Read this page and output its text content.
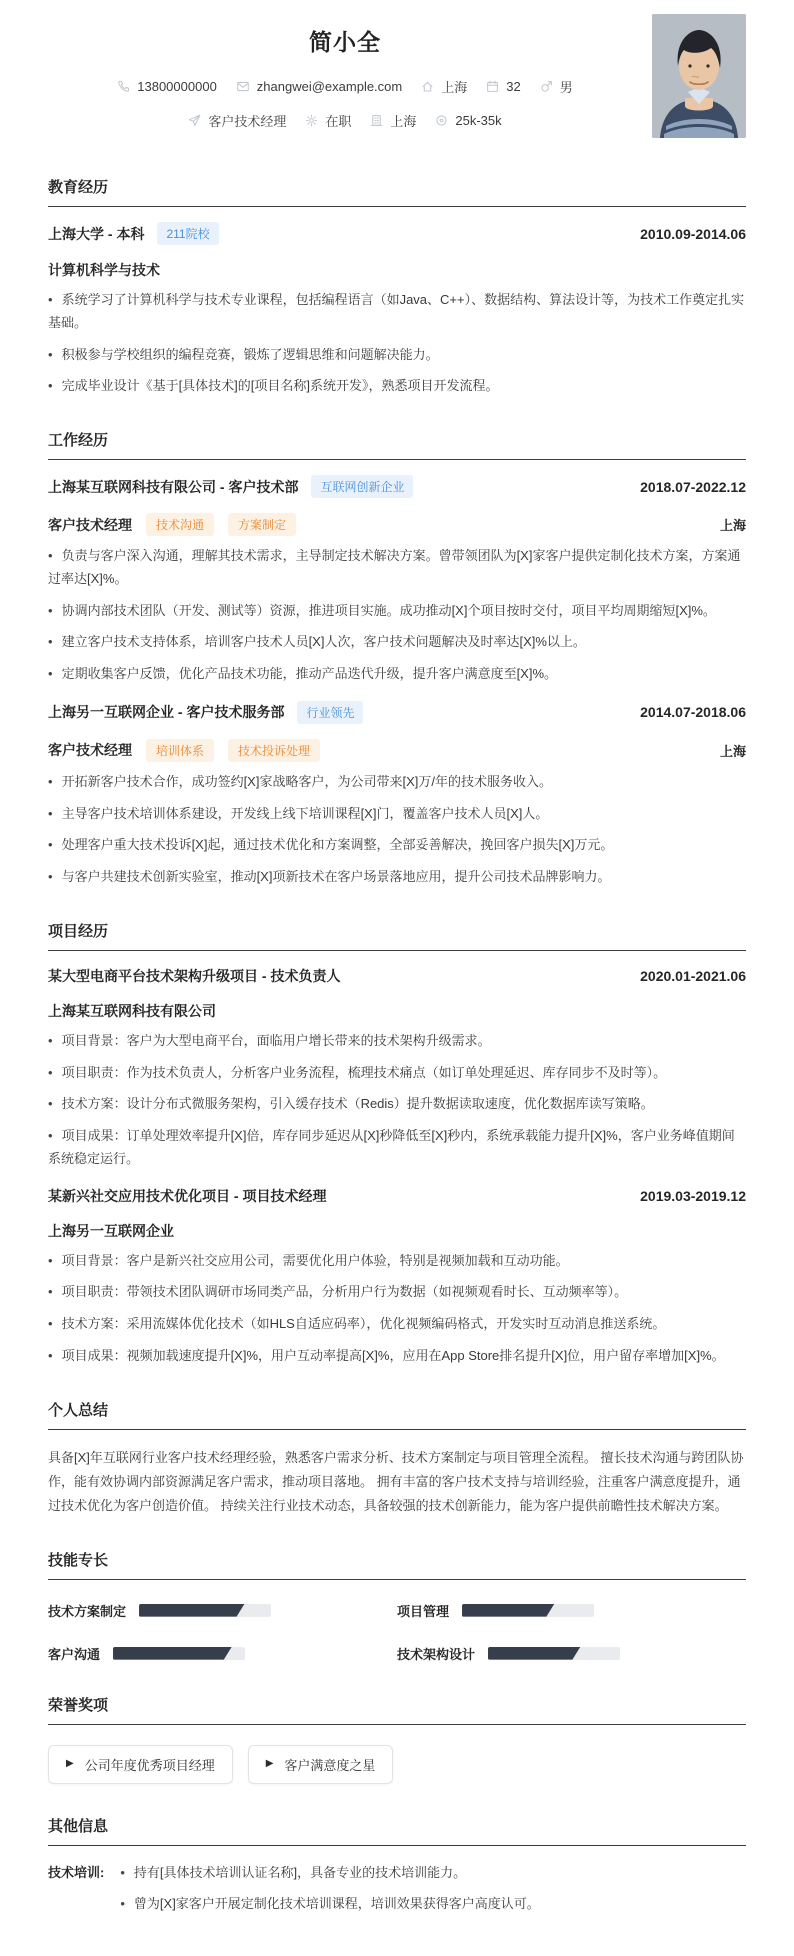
简小全
13800000000	zhangwei@example.com	上海	32	男
客户技术经理	在职	上海	25k-35k
教育经历
上海大学 - 本科	211院校	2010.09-2014.06
计算机科学与技术
• 系统学习了计算机科学与技术专业课程，包括编程语言（如Java、C++）、数据结构、算法设计等，为技术工作奠定扎实基础。
• 积极参与学校组织的编程竞赛，锻炼了逻辑思维和问题解决能力。
• 完成毕业设计《基于[具体技术]的[项目名称]系统开发》，熟悉项目开发流程。
工作经历
上海某互联网科技有限公司 - 客户技术部	互联网创新企业	2018.07-2022.12
客户技术经理	技术沟通	方案制定	上海
• 负责与客户深入沟通，理解其技术需求，主导制定技术解决方案。曾带领团队为[X]家客户提供定制化技术方案，方案通过率达[X]%。
• 协调内部技术团队（开发、测试等）资源，推进项目实施。成功推动[X]个项目按时交付，项目平均周期缩短[X]%。
• 建立客户技术支持体系，培训客户技术人员[X]人次，客户技术问题解决及时率达[X]%以上。
• 定期收集客户反馈，优化产品技术功能，推动产品迭代升级，提升客户满意度至[X]%。
上海另一互联网企业 - 客户技术服务部	行业领先	2014.07-2018.06
客户技术经理	培训体系	技术投诉处理	上海
• 开拓新客户技术合作，成功签约[X]家战略客户，为公司带来[X]万/年的技术服务收入。
• 主导客户技术培训体系建设，开发线上线下培训课程[X]门，覆盖客户技术人员[X]人。
• 处理客户重大技术投诉[X]起，通过技术优化和方案调整，全部妥善解决，挽回客户损失[X]万元。
• 与客户共建技术创新实验室，推动[X]项新技术在客户场景落地应用，提升公司技术品牌影响力。
项目经历
某大型电商平台技术架构升级项目 - 技术负责人	2020.01-2021.06
上海某互联网科技有限公司
• 项目背景：客户为大型电商平台，面临用户增长带来的技术架构升级需求。
• 项目职责：作为技术负责人，分析客户业务流程，梳理技术痛点（如订单处理延迟、库存同步不及时等）。
• 技术方案：设计分布式微服务架构，引入缓存技术（Redis）提升数据读取速度，优化数据库读写策略。
• 项目成果：订单处理效率提升[X]倍，库存同步延迟从[X]秒降低至[X]秒内，系统承载能力提升[X]%，客户业务峰值期间系统稳定运行。
某新兴社交应用技术优化项目 - 项目技术经理	2019.03-2019.12
上海另一互联网企业
• 项目背景：客户是新兴社交应用公司，需要优化用户体验，特别是视频加载和互动功能。
• 项目职责：带领技术团队调研市场同类产品，分析用户行为数据（如视频观看时长、互动频率等）。
• 技术方案：采用流媒体优化技术（如HLS自适应码率），优化视频编码格式，开发实时互动消息推送系统。
• 项目成果：视频加载速度提升[X]%，用户互动率提高[X]%，应用在App Store排名提升[X]位，用户留存率增加[X]%。
个人总结

具备[X]年互联网行业客户技术经理经验，熟悉客户需求分析、技术方案制定与项目管理全流程。 擅长技术沟通与跨团队协作，能有效协调内部资源满足客户需求，推动项目落地。 拥有丰富的客户技术支持与培训经验，注重客户满意度提升，通过技术优化为客户创造价值。 持续关注行业技术动态，具备较强的技术创新能力，能为客户提供前瞻性技术解决方案。

技能专长
技术方案制定	项目管理
客户沟通	技术架构设计
荣誉奖项
▶ 公司年度优秀项目经理	▶ 客户满意度之星
其他信息
技术培训:	• 持有[具体技术培训认证名称]，具备专业的技术培训能力。
• 曾为[X]家客户开展定制化技术培训课程，培训效果获得客户高度认可。
